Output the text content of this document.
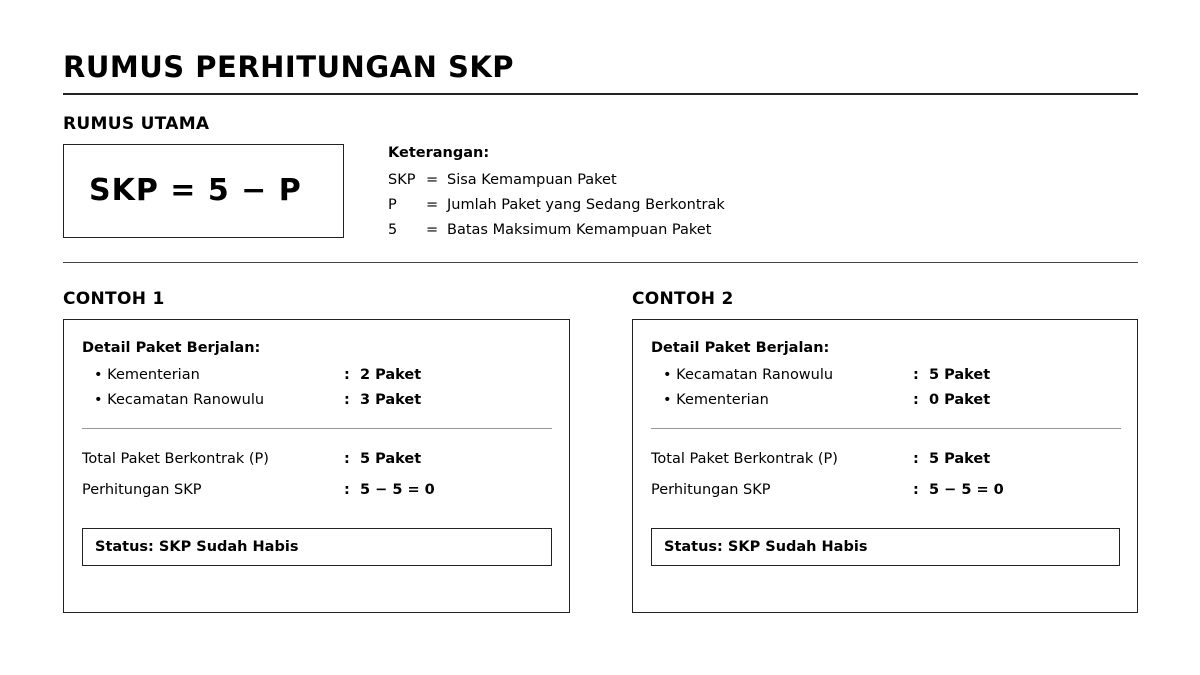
RUMUS PERHITUNGAN SKP
RUMUS UTAMA
SKP = 5 − P
Keterangan:
SKP = Sisa Kemampuan Paket
P = Jumlah Paket yang Sedang Berkontrak
5 = Batas Maksimum Kemampuan Paket
CONTOH 1
Detail Paket Berjalan:
• Kementerian	: 2 Paket
• Kecamatan Ranowulu	: 3 Paket
Total Paket Berkontrak (P)	: 5 Paket
Perhitungan SKP	: 5 − 5 = 0
Status: SKP Sudah Habis
CONTOH 2
Detail Paket Berjalan:
• Kecamatan Ranowulu	: 5 Paket
• Kementerian	: 0 Paket
Total Paket Berkontrak (P)	: 5 Paket
Perhitungan SKP	: 5 − 5 = 0
Status: SKP Sudah Habis
